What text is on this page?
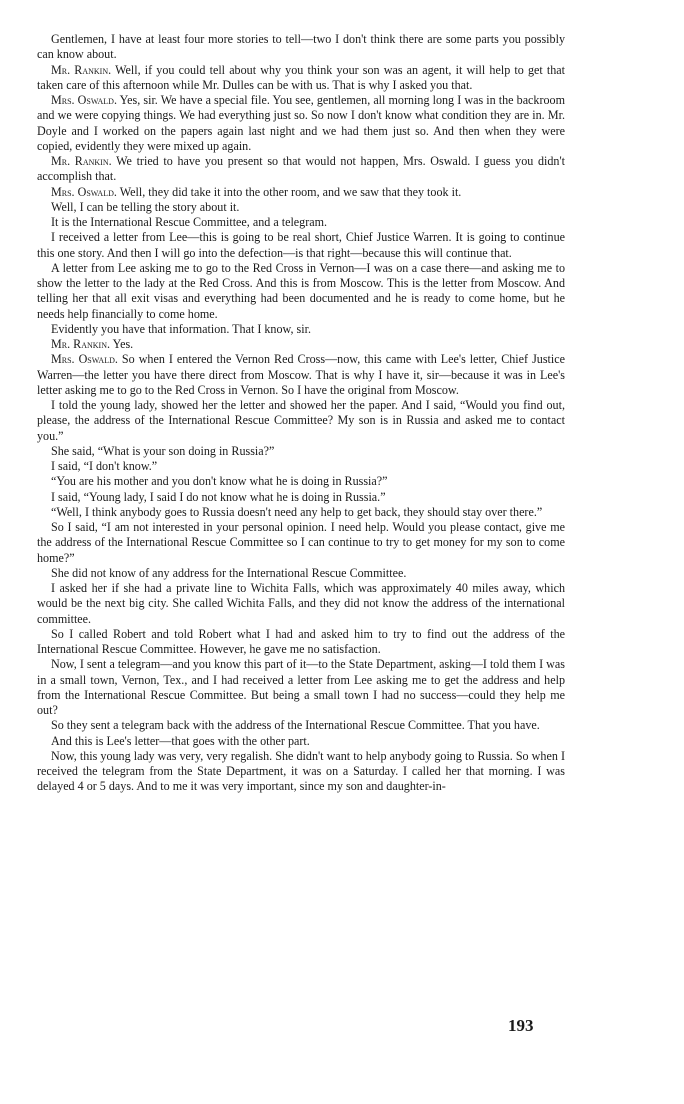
Gentlemen, I have at least four more stories to tell—two I don't think there are some parts you possibly can know about.

Mr. Rankin. Well, if you could tell about why you think your son was an agent, it will help to get that taken care of this afternoon while Mr. Dulles can be with us. That is why I asked you that.

Mrs. Oswald. Yes, sir. We have a special file. You see, gentlemen, all morning long I was in the backroom and we were copying things. We had everything just so. So now I don't know what condition they are in. Mr. Doyle and I worked on the papers again last night and we had them just so. And then when they were copied, evidently they were mixed up again.

Mr. Rankin. We tried to have you present so that would not happen, Mrs. Oswald. I guess you didn't accomplish that.

Mrs. Oswald. Well, they did take it into the other room, and we saw that they took it.

Well, I can be telling the story about it.

It is the International Rescue Committee, and a telegram.

I received a letter from Lee—this is going to be real short, Chief Justice Warren. It is going to continue this one story. And then I will go into the defection—is that right—because this will continue that.

A letter from Lee asking me to go to the Red Cross in Vernon—I was on a case there—and asking me to show the letter to the lady at the Red Cross. And this is from Moscow. This is the letter from Moscow. And telling her that all exit visas and everything had been documented and he is ready to come home, but he needs help financially to come home.

Evidently you have that information. That I know, sir.

Mr. Rankin. Yes.

Mrs. Oswald. So when I entered the Vernon Red Cross—now, this came with Lee's letter, Chief Justice Warren—the letter you have there direct from Moscow. That is why I have it, sir—because it was in Lee's letter asking me to go to the Red Cross in Vernon. So I have the original from Moscow.

I told the young lady, showed her the letter and showed her the paper. And I said, “Would you find out, please, the address of the International Rescue Committee? My son is in Russia and asked me to contact you.”

She said, “What is your son doing in Russia?”

I said, “I don't know.”

“You are his mother and you don't know what he is doing in Russia?”

I said, “Young lady, I said I do not know what he is doing in Russia.”

“Well, I think anybody goes to Russia doesn't need any help to get back, they should stay over there.”

So I said, “I am not interested in your personal opinion. I need help. Would you please contact, give me the address of the International Rescue Committee so I can continue to try to get money for my son to come home?”

She did not know of any address for the International Rescue Committee.

I asked her if she had a private line to Wichita Falls, which was approximately 40 miles away, which would be the next big city. She called Wichita Falls, and they did not know the address of the international committee.

So I called Robert and told Robert what I had and asked him to try to find out the address of the International Rescue Committee. However, he gave me no satisfaction.

Now, I sent a telegram—and you know this part of it—to the State Department, asking—I told them I was in a small town, Vernon, Tex., and I had received a letter from Lee asking me to get the address and help from the International Rescue Committee. But being a small town I had no success—could they help me out?

So they sent a telegram back with the address of the International Rescue Committee. That you have.

And this is Lee's letter—that goes with the other part.

Now, this young lady was very, very regalish. She didn't want to help anybody going to Russia. So when I received the telegram from the State Department, it was on a Saturday. I called her that morning. I was delayed 4 or 5 days. And to me it was very important, since my son and daughter-in-

193
